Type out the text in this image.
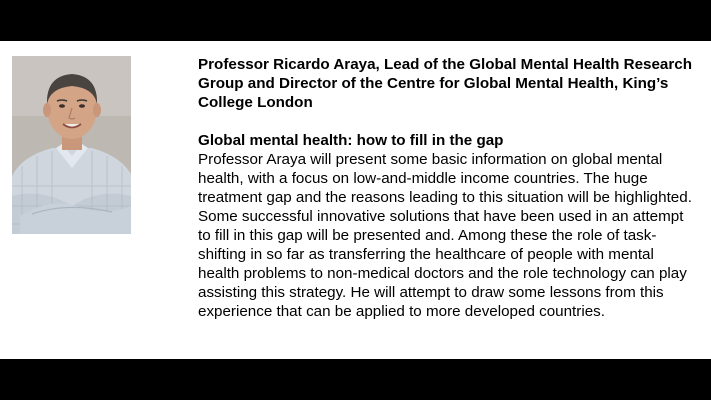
Professor Ricardo Araya, Lead of the Global Mental Health Research Group and Director of the Centre for Global Mental Health, King’s College London

Global mental health: how to fill in the gap

Professor Araya will present some basic information on global mental health, with a focus on low-and-middle income countries. The huge treatment gap and the reasons leading to this situation will be highlighted. Some successful innovative solutions that have been used in an attempt to fill in this gap will be presented and. Among these the role of task-shifting in so far as transferring the healthcare of people with mental health problems to non-medical doctors and the role technology can play assisting this strategy. He will attempt to draw some lessons from this experience that can be applied to more developed countries.
